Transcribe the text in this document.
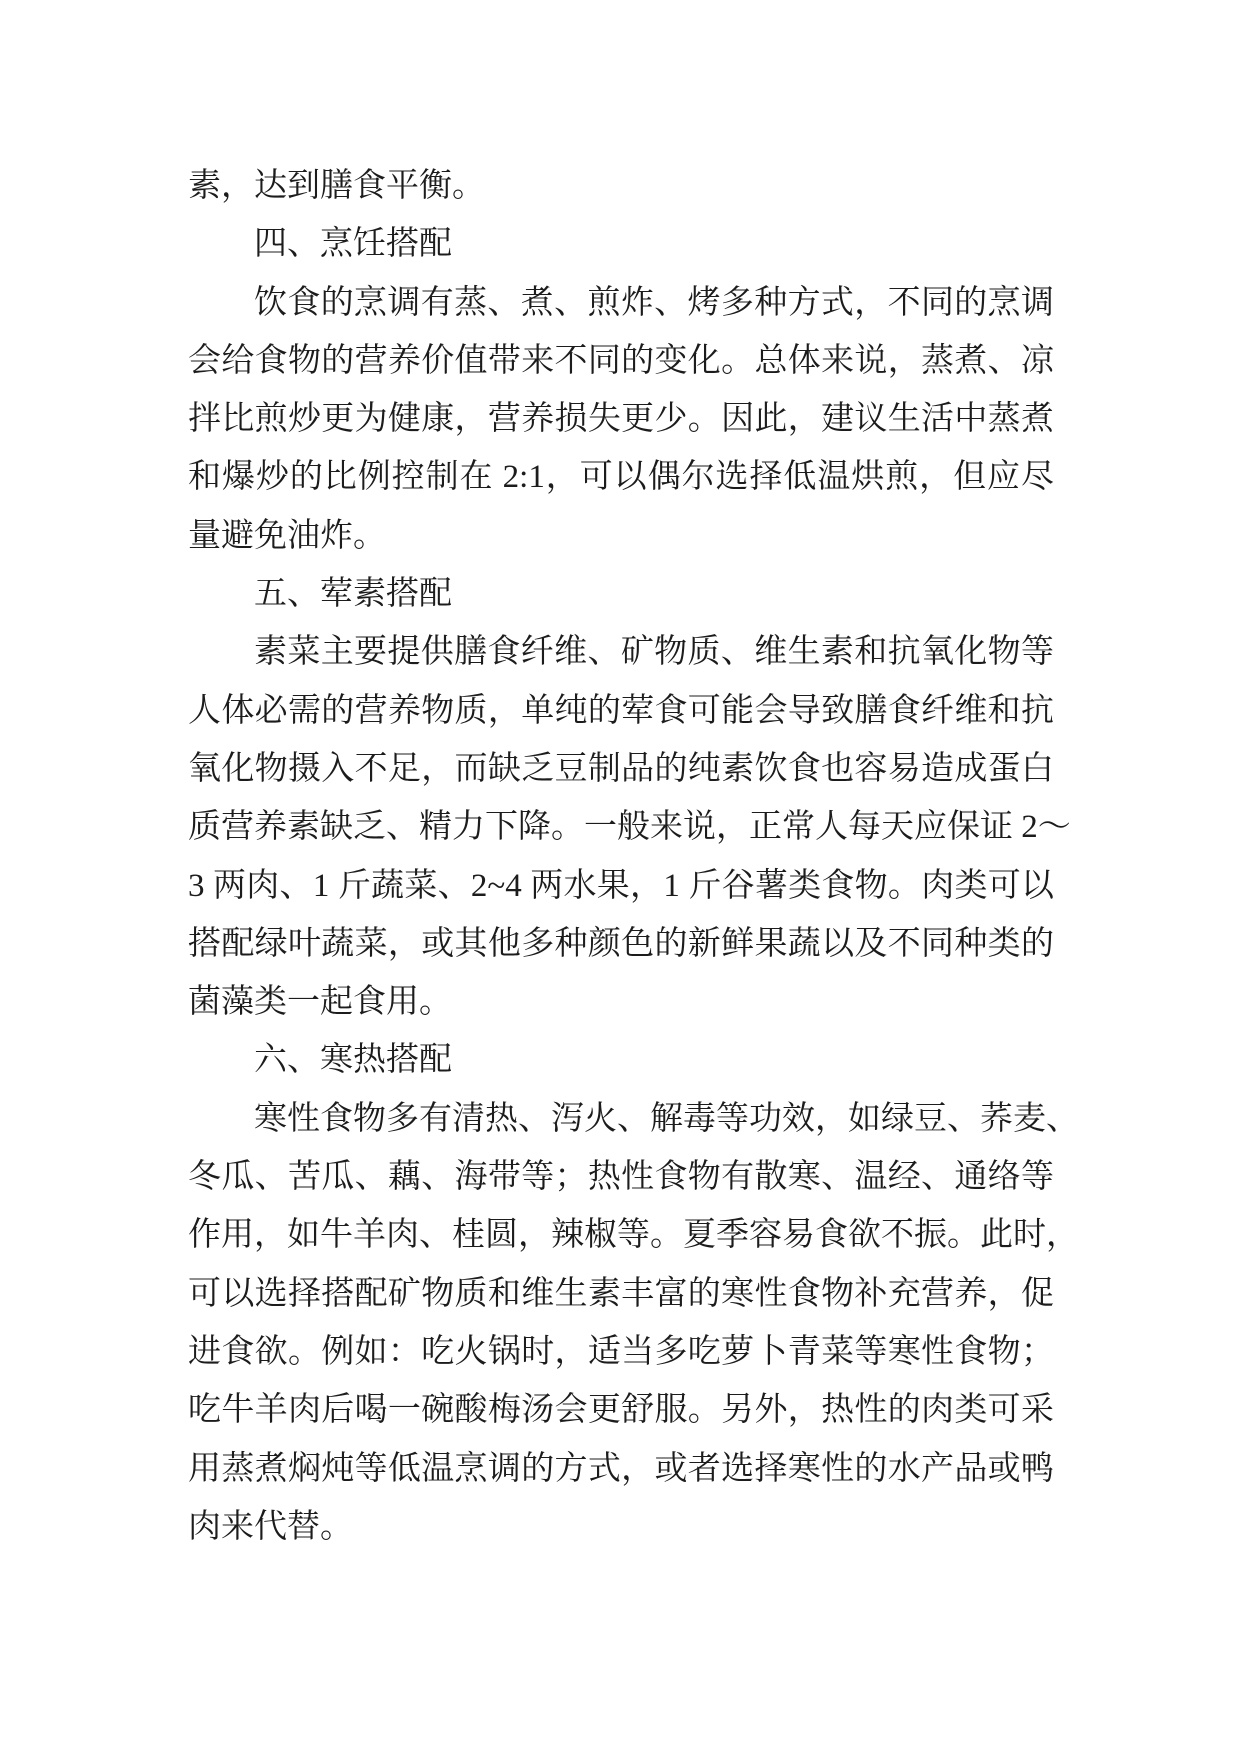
素，达到膳食平衡。
四、烹饪搭配
饮食的烹调有蒸、煮、煎炸、烤多种方式，不同的烹调
会给食物的营养价值带来不同的变化。总体来说，蒸煮、凉
拌比煎炒更为健康，营养损失更少。因此，建议生活中蒸煮
和爆炒的比例控制在 2:1，可以偶尔选择低温烘煎，但应尽
量避免油炸。
五、荤素搭配
素菜主要提供膳食纤维、矿物质、维生素和抗氧化物等
人体必需的营养物质，单纯的荤食可能会导致膳食纤维和抗
氧化物摄入不足，而缺乏豆制品的纯素饮食也容易造成蛋白
质营养素缺乏、精力下降。一般来说，正常人每天应保证 2～
3 两肉、1 斤蔬菜、2~4 两水果，1 斤谷薯类食物。肉类可以
搭配绿叶蔬菜，或其他多种颜色的新鲜果蔬以及不同种类的
菌藻类一起食用。
六、寒热搭配
寒性食物多有清热、泻火、解毒等功效，如绿豆、荞麦、
冬瓜、苦瓜、藕、海带等；热性食物有散寒、温经、通络等
作用，如牛羊肉、桂圆，辣椒等。夏季容易食欲不振。此时，
可以选择搭配矿物质和维生素丰富的寒性食物补充营养，促
进食欲。例如：吃火锅时，适当多吃萝卜青菜等寒性食物；
吃牛羊肉后喝一碗酸梅汤会更舒服。另外，热性的肉类可采
用蒸煮焖炖等低温烹调的方式，或者选择寒性的水产品或鸭
肉来代替。
